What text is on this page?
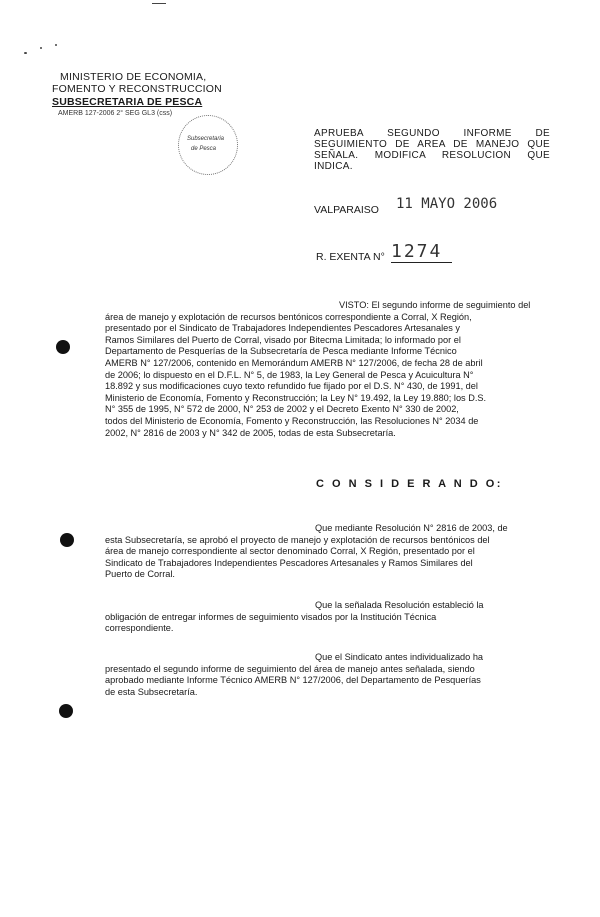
MINISTERIO DE ECONOMIA,
FOMENTO Y RECONSTRUCCION
SUBSECRETARIA DE PESCA
AMERB 127-2006 2° SEG GL3 (css)
Subsecretaria
de Pesca
APRUEBA SEGUNDO INFORME DE SEGUIMIENTO DE AREA DE MANEJO QUE SEÑALA. MODIFICA RESOLUCION QUE INDICA.
VALPARAISO 11 MAYO 2006
R. EXENTA N° 1274
VISTO: El segundo informe de seguimiento del
área de manejo y explotación de recursos bentónicos correspondiente a Corral, X Región,
presentado por el Sindicato de Trabajadores Independientes Pescadores Artesanales y
Ramos Similares del Puerto de Corral, visado por Bitecma Limitada; lo informado por el
Departamento de Pesquerías de la Subsecretaría de Pesca mediante Informe Técnico
AMERB N° 127/2006, contenido en Memorándum AMERB N° 127/2006, de fecha 28 de abril
de 2006; lo dispuesto en el D.F.L. N° 5, de 1983, la Ley General de Pesca y Acuicultura N°
18.892 y sus modificaciones cuyo texto refundido fue fijado por el D.S. N° 430, de 1991, del
Ministerio de Economía, Fomento y Reconstrucción; la Ley N° 19.492, la Ley 19.880; los D.S.
N° 355 de 1995, N° 572 de 2000, N° 253 de 2002 y el Decreto Exento N° 330 de 2002,
todos del Ministerio de Economía, Fomento y Reconstrucción, las Resoluciones N° 2034 de
2002, N° 2816 de 2003 y N° 342 de 2005, todas de esta Subsecretaría.
C O N S I D E R A N D O:
Que mediante Resolución N° 2816 de 2003, de
esta Subsecretaría, se aprobó el proyecto de manejo y explotación de recursos bentónicos del
área de manejo correspondiente al sector denominado Corral, X Región, presentado por el
Sindicato de Trabajadores Independientes Pescadores Artesanales y Ramos Similares del
Puerto de Corral.
Que la señalada Resolución estableció la
obligación de entregar informes de seguimiento visados por la Institución Técnica
correspondiente.
Que el Sindicato antes individualizado ha
presentado el segundo informe de seguimiento del área de manejo antes señalada, siendo
aprobado mediante Informe Técnico AMERB N° 127/2006, del Departamento de Pesquerías
de esta Subsecretaría.
